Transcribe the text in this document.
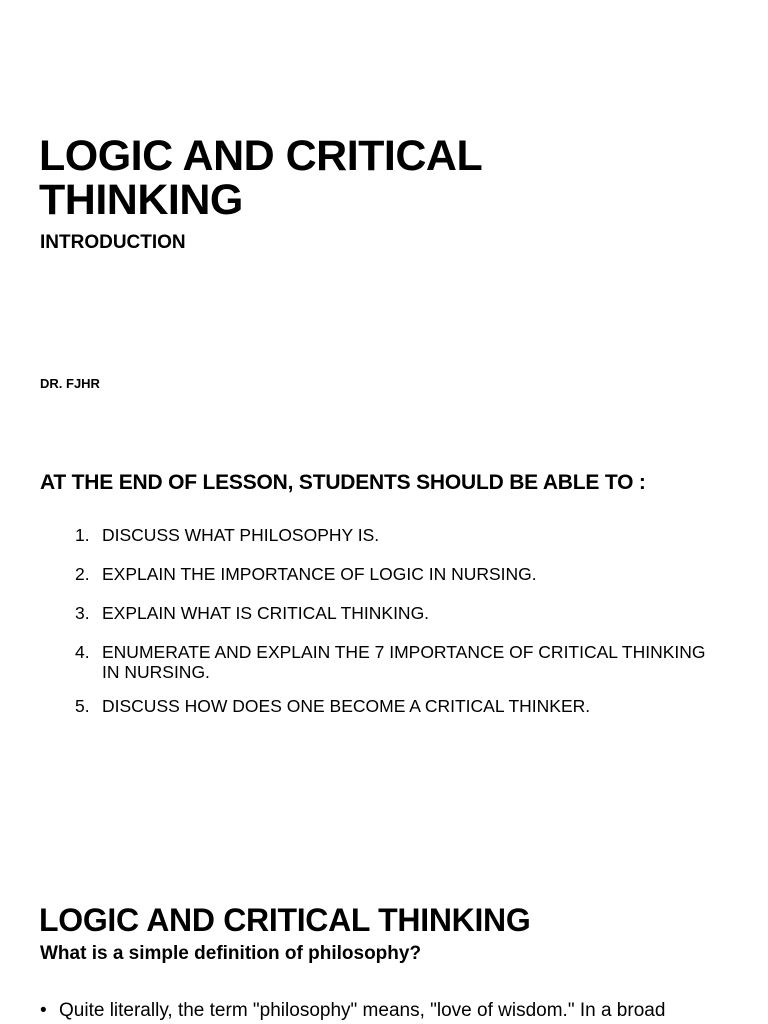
LOGIC AND CRITICAL
THINKING

INTRODUCTION

DR. FJHR

AT THE END OF LESSON, STUDENTS SHOULD BE ABLE TO :
1. DISCUSS WHAT PHILOSOPHY IS.
2. EXPLAIN THE IMPORTANCE OF LOGIC IN NURSING.
3. EXPLAIN WHAT IS CRITICAL THINKING.
4. ENUMERATE AND EXPLAIN THE 7 IMPORTANCE OF CRITICAL THINKING IN NURSING.
5. DISCUSS HOW DOES ONE BECOME A CRITICAL THINKER.
LOGIC AND CRITICAL THINKING

What is a simple definition of philosophy?

• Quite literally, the term "philosophy" means, "love of wisdom." In a broad
